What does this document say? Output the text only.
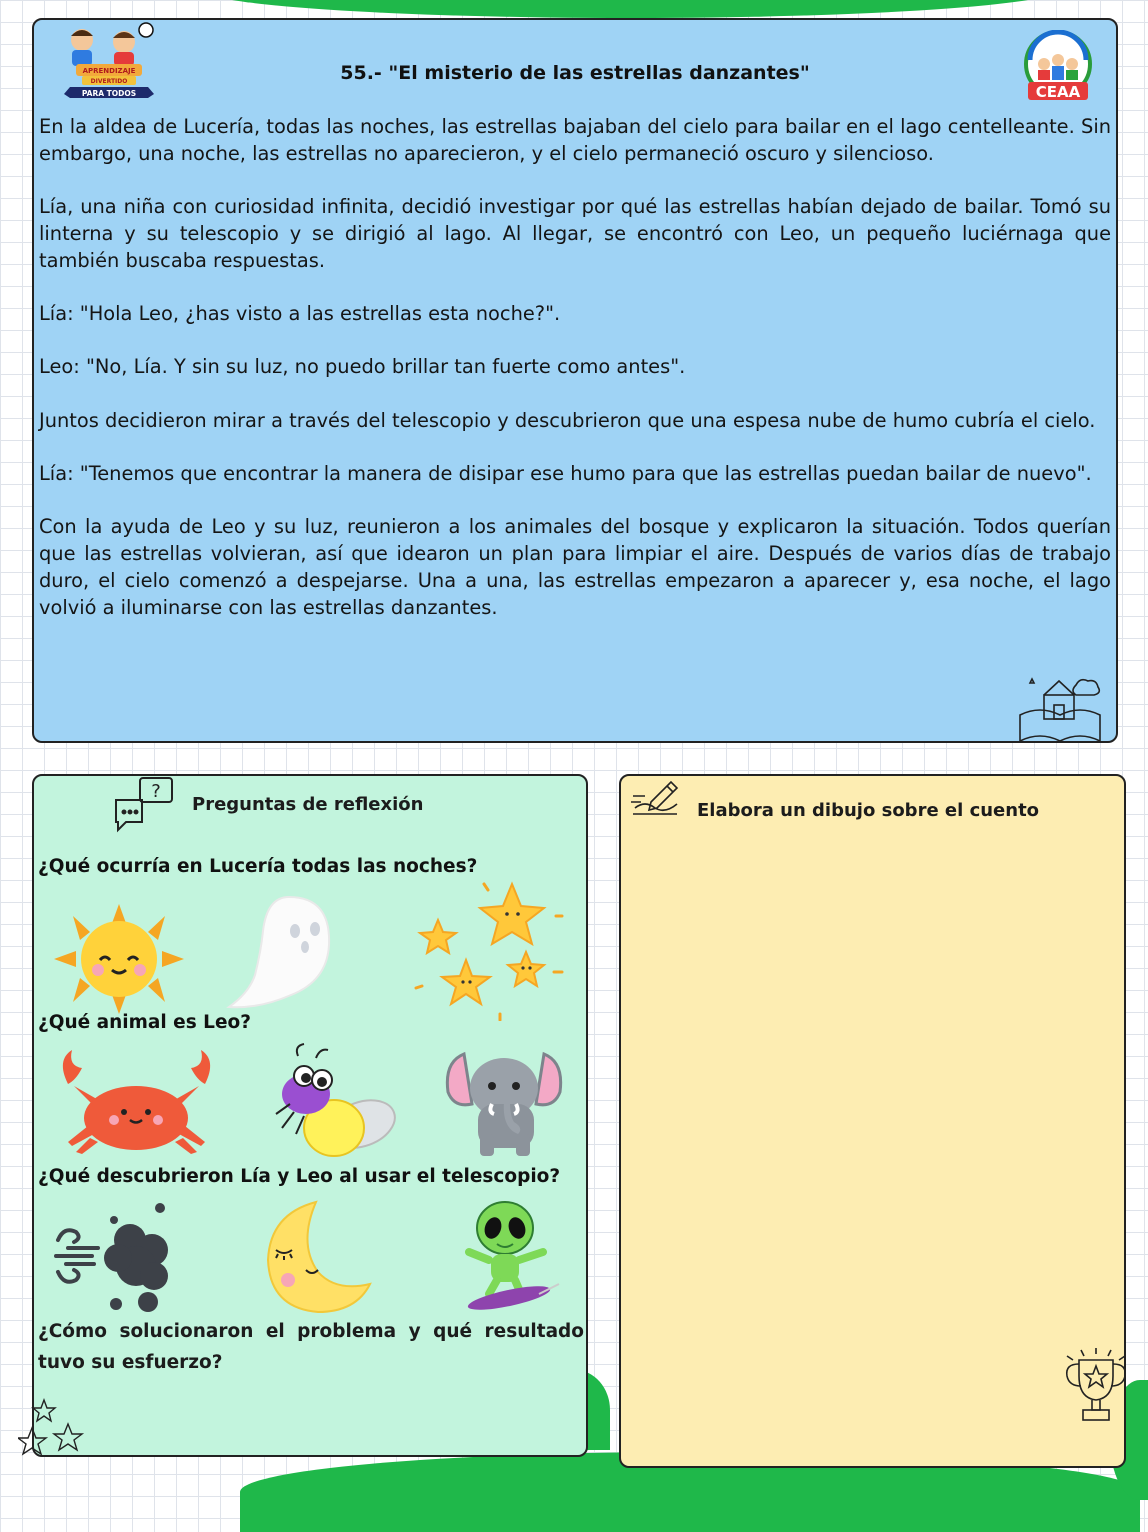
APRENDIZAJE
DIVERTIDO
PARA TODOS
55.- "El misterio de las estrellas danzantes"
CEAA

En la aldea de Lucería, todas las noches, las estrellas bajaban del cielo para bailar en el lago centelleante. Sin embargo, una noche, las estrellas no aparecieron, y el cielo permaneció oscuro y silencioso.

Lía, una niña con curiosidad infinita, decidió investigar por qué las estrellas habían dejado de bailar. Tomó su linterna y su telescopio y se dirigió al lago. Al llegar, se encontró con Leo, un pequeño luciérnaga que también buscaba respuestas.

Lía: "Hola Leo, ¿has visto a las estrellas esta noche?".

Leo: "No, Lía. Y sin su luz, no puedo brillar tan fuerte como antes".

Juntos decidieron mirar a través del telescopio y descubrieron que una espesa nube de humo cubría el cielo.

Lía: "Tenemos que encontrar la manera de disipar ese humo para que las estrellas puedan bailar de nuevo".

Con la ayuda de Leo y su luz, reunieron a los animales del bosque y explicaron la situación. Todos querían que las estrellas volvieran, así que idearon un plan para limpiar el aire. Después de varios días de trabajo duro, el cielo comenzó a despejarse. Una a una, las estrellas empezaron a aparecer y, esa noche, el lago volvió a iluminarse con las estrellas danzantes.

?
Preguntas de reflexión
¿Qué ocurría en Lucería todas las noches?
¿Qué animal es Leo?
¿Qué descubrieron Lía y Leo al usar el telescopio?
¿Cómo solucionaron el problema y qué resultado tuvo su esfuerzo?
Elabora un dibujo sobre el cuento
